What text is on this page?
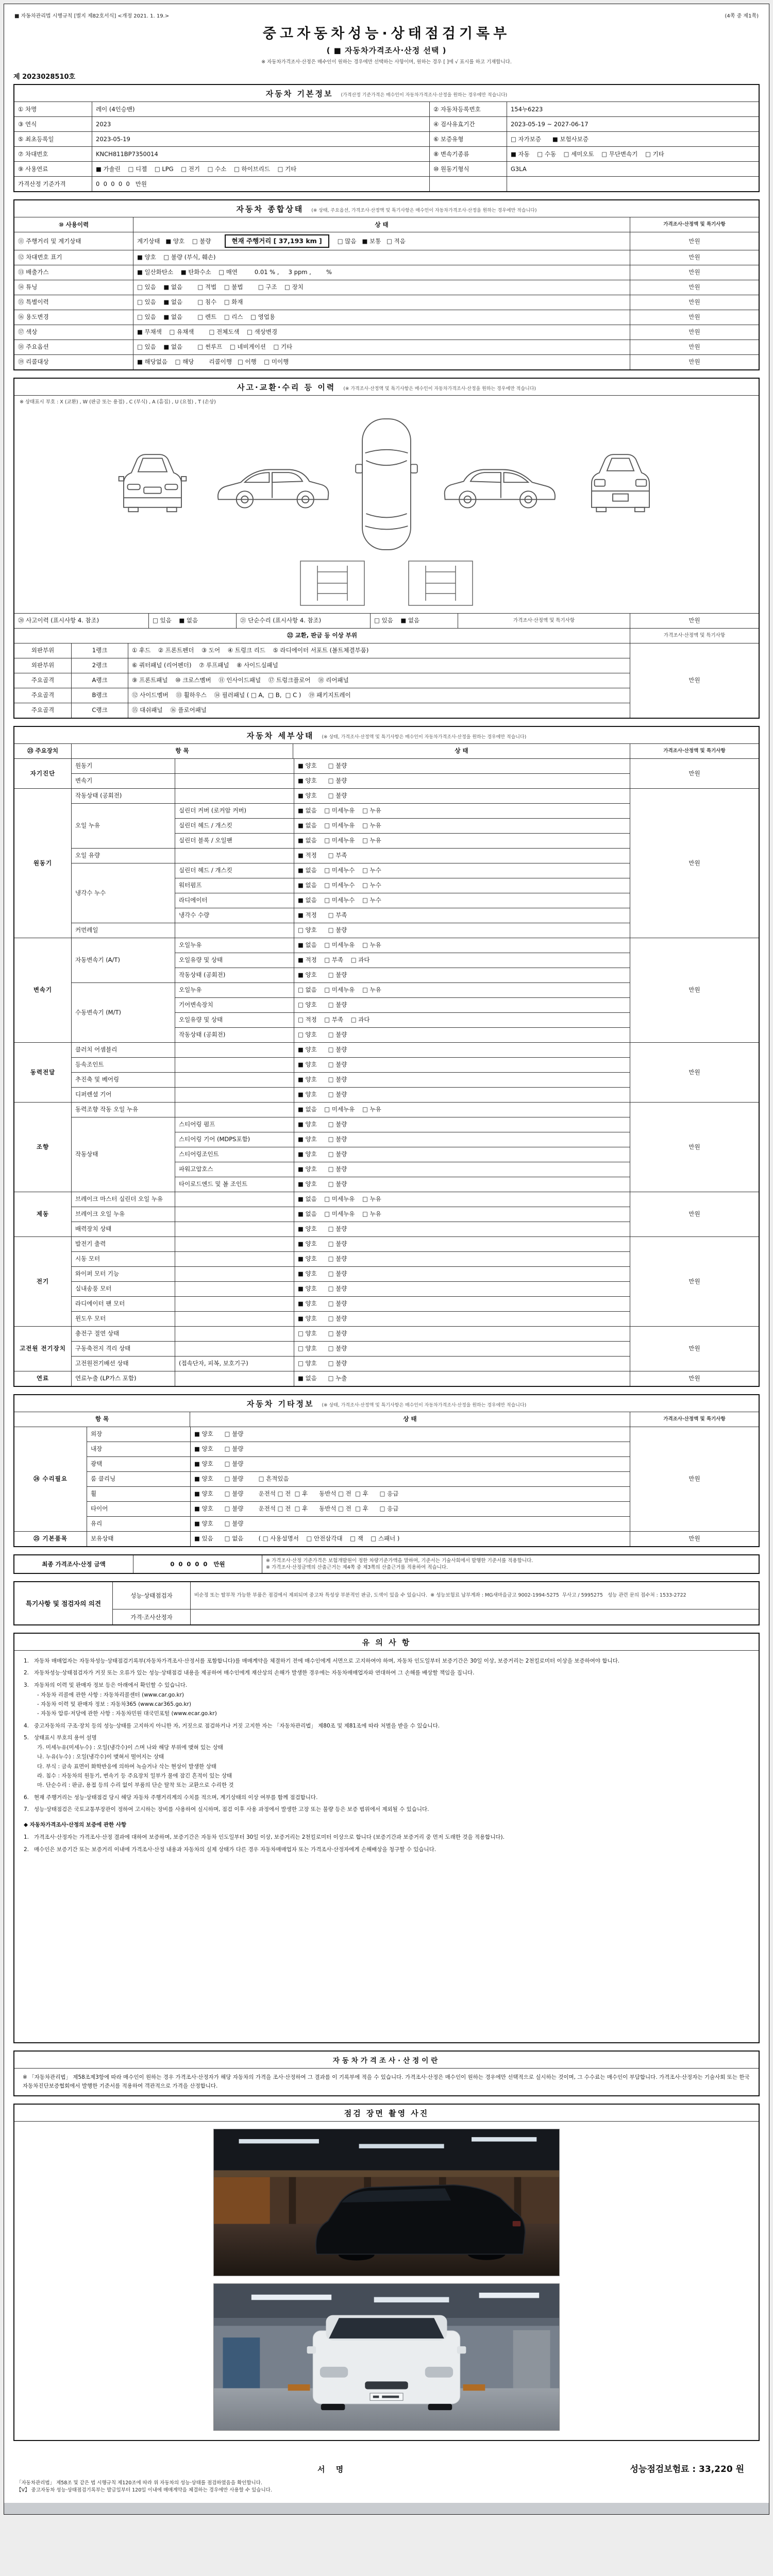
■ 자동차관리법 시행규칙 [별지 제82호서식] <개정 2021. 1. 19.>	(4쪽 중 제1쪽)
중고자동차성능·상태점검기록부
( ■ 자동차가격조사·산정 선택 )
※ 자동차가격조사·산정은 매수인이 원하는 경우에만 선택하는 사항이며, 원하는 경우 [ ]에 √ 표시를 하고 기재합니다.
제 2023028510호
자동차 기본정보 (가격산정 기준가격은 매수인이 자동차가격조사·산정을 원하는 경우에만 적습니다)
① 차명	레이 (4인승밴)	② 자동차등록번호	154누6223
③ 연식	2023	④ 검사유효기간	2023-05-19 ~ 2027-06-17
⑤ 최초등록일	2023-05-19	⑥ 보증유형	□ 자가보증      ■ 보험사보증
⑦ 차대번호	KNCH811BP7350014	⑧ 변속기종류	■ 자동    □ 수동    □ 세미오토    □ 무단변속기    □ 기타
⑨ 사용연료	■ 가솔린    □ 디젤    □ LPG    □ 전기    □ 수소    □ 하이브리드    □ 기타	⑩ 원동기형식	G3LA
가격산정 기준가격	0  0  0  0  0   만원
자동차 종합상태 (※ 상태, 주요옵션, 가격조사·산정액 및 특기사항은 매수인이 자동차가격조사·산정을 원하는 경우에만 적습니다)
⑩ 사용이력	상 태	가격조사·산정액 및 특기사항
⑪ 주행거리 및 계기상태	계기상태   ■ 양호    □ 불량	현재 주행거리 [ 37,193 km ]	□ 많음   ■ 보통   □ 적음	만원
⑫ 차대번호 표기	■ 양호    □ 불량 (부식, 훼손)	만원
⑬ 배출가스	■ 일산화탄소    ■ 탄화수소    □ 매연         0.01 % ,     3 ppm ,        %	만원
⑭ 튜닝	□ 있음    ■ 없음        □ 적법    □ 불법        □ 구조    □ 장치	만원
⑮ 특별이력	□ 있음    ■ 없음        □ 침수    □ 화재	만원
⑯ 용도변경	□ 있음    ■ 없음        □ 렌트    □ 리스    □ 영업용	만원
⑰ 색상	■ 무채색    □ 유채색        □ 전체도색    □ 색상변경	만원
⑱ 주요옵션	□ 있음    ■ 없음        □ 썬루프    □ 네비게이션    □ 기타	만원
⑲ 리콜대상	■ 해당없음    □ 해당        리콜이행   □ 이행    □ 미이행	만원
사고·교환·수리 등 이력 (※ 가격조사·산정액 및 특기사항은 매수인이 자동차가격조사·산정을 원하는 경우에만 적습니다)
※ 상태표시 부호 : X (교환) , W (판금 또는 용접) , C (부식) , A (흠집) , U (요철) , T (손상)
⑳ 사고이력 (표시사항 4. 참조)	□ 있음    ■ 없음	㉑ 단순수리 (표시사항 4. 참조)	□ 있음    ■ 없음	가격조사·산정액 및 특기사항	만원
㉒ 교환, 판금 등 이상 부위	가격조사·산정액 및 특기사항
외판부위	1랭크	① 후드    ② 프론트펜더    ③ 도어    ④ 트렁크 리드    ⑤ 라디에이터 서포트 (볼트체결부품)
외판부위	2랭크	⑥ 쿼터패널 (리어펜더)    ⑦ 루프패널    ⑧ 사이드실패널
주요골격	A랭크	⑨ 프론트패널    ⑩ 크로스멤버    ⑪ 인사이드패널    ⑰ 트렁크플로어    ⑱ 리어패널
주요골격	B랭크	⑫ 사이드멤버    ⑬ 휠하우스    ⑭ 필러패널 ( □ A,  □ B,  □ C )    ⑲ 패키지트레이
주요골격	C랭크	⑮ 대쉬패널    ⑯ 플로어패널
만원
자동차 세부상태 (※ 상태, 가격조사·산정액 및 특기사항은 매수인이 자동차가격조사·산정을 원하는 경우에만 적습니다)
㉓ 주요장치	항 목	상 태	가격조사·산정액 및 특기사항
자기진단
원동기	■ 양호      □ 불량
변속기	■ 양호      □ 불량
만원
원동기
작동상태 (공회전)	■ 양호      □ 불량
오일 누유
실린더 커버 (로커암 커버)	■ 없음    □ 미세누유    □ 누유
실린더 헤드 / 개스킷	■ 없음    □ 미세누유    □ 누유
실린더 블록 / 오일팬	■ 없음    □ 미세누유    □ 누유
오일 유량	■ 적정      □ 부족
냉각수 누수
실린더 헤드 / 개스킷	■ 없음    □ 미세누수    □ 누수
워터펌프	■ 없음    □ 미세누수    □ 누수
라디에이터	■ 없음    □ 미세누수    □ 누수
냉각수 수량	■ 적정      □ 부족
커먼레일	□ 양호      □ 불량
만원
변속기
자동변속기 (A/T)
오일누유	■ 없음    □ 미세누유    □ 누유
오일유량 및 상태	■ 적정    □ 부족    □ 과다
작동상태 (공회전)	■ 양호      □ 불량
수동변속기 (M/T)
오일누유	□ 없음    □ 미세누유    □ 누유
기어변속장치	□ 양호      □ 불량
오일유량 및 상태	□ 적정    □ 부족    □ 과다
작동상태 (공회전)	□ 양호      □ 불량
만원
동력전달
클러치 어셈블리	■ 양호      □ 불량
등속조인트	■ 양호      □ 불량
추진축 및 베어링	■ 양호      □ 불량
디퍼렌셜 기어	■ 양호      □ 불량
만원
조향
동력조향 작동 오일 누유	■ 없음    □ 미세누유    □ 누유
작동상태
스티어링 펌프	■ 양호      □ 불량
스티어링 기어 (MDPS포함)	■ 양호      □ 불량
스티어링조인트	■ 양호      □ 불량
파워고압호스	■ 양호      □ 불량
타이로드엔드 및 볼 조인트	■ 양호      □ 불량
만원
제동
브레이크 마스터 실린더 오일 누유	■ 없음    □ 미세누유    □ 누유
브레이크 오일 누유	■ 없음    □ 미세누유    □ 누유
배력장치 상태	■ 양호      □ 불량
만원
전기
발전기 출력	■ 양호      □ 불량
시동 모터	■ 양호      □ 불량
와이퍼 모터 기능	■ 양호      □ 불량
실내송풍 모터	■ 양호      □ 불량
라디에이터 팬 모터	■ 양호      □ 불량
윈도우 모터	■ 양호      □ 불량
만원
고전원 전기장치
충전구 절연 상태	□ 양호      □ 불량
구동축전지 격리 상태	□ 양호      □ 불량
고전원전기배선 상태	(접속단자, 피복, 보호기구)	□ 양호      □ 불량
만원
연료	연료누출 (LP가스 포함)	■ 없음      □ 누출	만원
자동차 기타정보 (※ 상태, 가격조사·산정액 및 특기사항은 매수인이 자동차가격조사·산정을 원하는 경우에만 적습니다)
항 목	상 태	가격조사·산정액 및 특기사항
㉔ 수리필요
외장	■ 양호      □ 불량
내장	■ 양호      □ 불량
광택	■ 양호      □ 불량
룸 클리닝	■ 양호      □ 불량        □ 흔적있음
휠	■ 양호      □ 불량        운전석 □ 전  □ 후      동반석 □ 전  □ 후      □ 응급
타이어	■ 양호      □ 불량        운전석 □ 전  □ 후      동반석 □ 전  □ 후      □ 응급
유리	■ 양호      □ 불량
만원
㉕ 기본품목	보유상태	■ 있음      □ 없음        ( □ 사용설명서    □ 안전삼각대    □ 잭    □ 스패너 )	만원
최종 가격조사·산정 금액	0  0  0  0  0   만원	※ 가격조사·산정 기준가격은 보험개발원이 정한 차량기준가액을 말하며, 기준서는 기술사회에서 발행한 기준서를 적용합니다.
※ 가격조사·산정금액의 산출근거는 제4쪽 중 제3쪽의 산출근거를 적용하여 적습니다.
특기사항 및 점검자의 의견
성능·상태점검자	비순정 또는 탈부착 가능한 부품은 점검에서 제외되며 중고차 특성상 부분적인 판금, 도색이 있을 수 있습니다.  ※ 성능보험료 납부계좌 : MG새마을금고 9002-1994-5275  무사고 / 5995275   성능 관련 문의 접수처 : 1533-2722
가격·조사산정자
유 의 사 항
1. 자동차 매매업자는 자동차성능·상태점검기록부(자동차가격조사·산정서를 포함합니다)를 매매계약을 체결하기 전에 매수인에게 서면으로 고지하여야 하며, 자동차 인도일부터 보증기간은 30일 이상, 보증거리는 2천킬로미터 이상을 보증하여야 합니다.
2. 자동차성능·상태점검자가 거짓 또는 오류가 있는 성능·상태점검 내용을 제공하여 매수인에게 재산상의 손해가 발생한 경우에는 자동차매매업자와 연대하여 그 손해를 배상할 책임을 집니다.
3. 자동차의 이력 및 판매자 정보 등은 아래에서 확인할 수 있습니다.
- 자동차 리콜에 관한 사항 : 자동차리콜센터 (www.car.go.kr)
- 자동차 이력 및 판매자 정보 : 자동차365 (www.car365.go.kr)
- 자동차 압류·저당에 관한 사항 : 자동차민원 대국민포털 (www.ecar.go.kr)
4. 중고자동차의 구조·장치 등의 성능·상태를 고지하지 아니한 자, 거짓으로 점검하거나 거짓 고지한 자는 「자동차관리법」 제80조 및 제81조에 따라 처벌을 받을 수 있습니다.
5. 상태표시 부호의 용어 설명
가. 미세누유(미세누수) : 오일(냉각수)이 스며 나와 해당 부위에 맺혀 있는 상태
나. 누유(누수) : 오일(냉각수)이 맺혀서 떨어지는 상태
다. 부식 : 금속 표면이 화학반응에 의하여 녹슬거나 삭는 현상이 발생한 상태
라. 침수 : 자동차의 원동기, 변속기 등 주요장치 일부가 물에 잠긴 흔적이 있는 상태
마. 단순수리 : 판금, 용접 등의 수리 없이 부품의 단순 탈착 또는 교환으로 수리한 것
6. 현재 주행거리는 성능·상태점검 당시 해당 자동차 주행거리계의 수치를 적으며, 계기상태의 이상 여부를 함께 점검합니다.
7. 성능·상태점검은 국토교통부장관이 정하여 고시하는 장비를 사용하여 실시하며, 점검 이후 사용 과정에서 발생한 고장 또는 불량 등은 보증 범위에서 제외될 수 있습니다.
◆ 자동차가격조사·산정의 보증에 관한 사항
1. 가격조사·산정자는 가격조사·산정 결과에 대하여 보증하며, 보증기간은 자동차 인도일부터 30일 이상, 보증거리는 2천킬로미터 이상으로 합니다 (보증기간과 보증거리 중 먼저 도래한 것을 적용합니다).
2. 매수인은 보증기간 또는 보증거리 이내에 가격조사·산정 내용과 자동차의 실제 상태가 다른 경우 자동차매매업자 또는 가격조사·산정자에게 손해배상을 청구할 수 있습니다.
자동차가격조사·산정이란
※ 「자동차관리법」 제58조제3항에 따라 매수인이 원하는 경우 가격조사·산정자가 해당 자동차의 가격을 조사·산정하여 그 결과를 이 기록부에 적을 수 있습니다. 가격조사·산정은 매수인이 원하는 경우에만 선택적으로 실시하는 것이며, 그 수수료는 매수인이 부담합니다. 가격조사·산정자는 기술사회 또는 한국자동차진단보증협회에서 발행한 기준서를 적용하여 객관적으로 가격을 산정합니다.
점검 장면 촬영 사진
서 명	성능점검보험료 : 33,220 원
「자동차관리법」 제58조 및 같은 법 시행규칙 제120조에 따라 위 자동차의 성능·상태를 점검하였음을 확인합니다.
【Ⅴ】 중고자동차 성능·상태점검기록부는 발급일부터 120일 이내에 매매계약을 체결하는 경우에만 사용할 수 있습니다.
